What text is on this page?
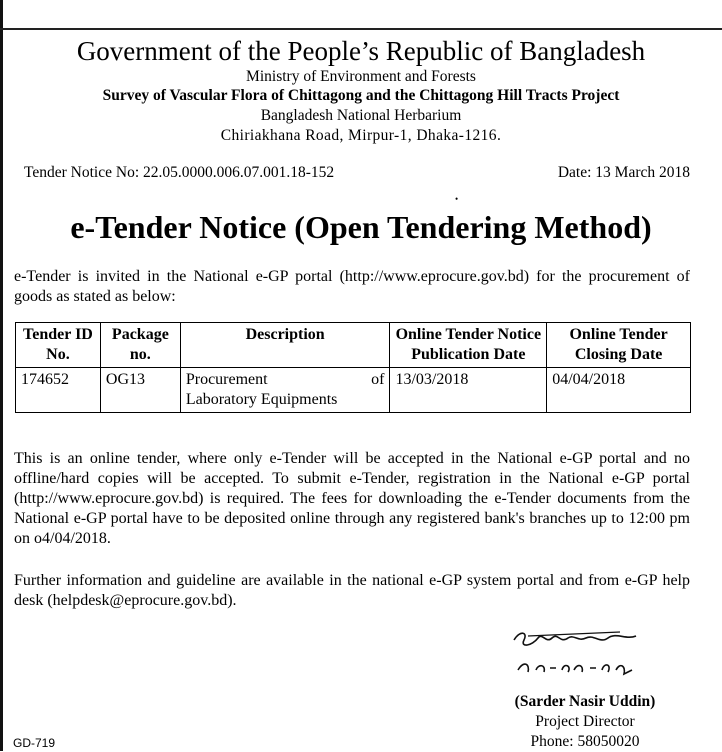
Government of the People’s Republic of Bangladesh
Ministry of Environment and Forests
Survey of Vascular Flora of Chittagong and the Chittagong Hill Tracts Project
Bangladesh National Herbarium
Chiriakhana Road, Mirpur-1, Dhaka-1216.
Tender Notice No: 22.05.0000.006.07.001.18-152	Date: 13 March 2018
•
e-Tender Notice (Open Tendering Method)
e-Tender is invited in the National e-GP portal (http://www.eprocure.gov.bd) for the procurement of goods as stated as below:
Tender ID No.	Package no.	Description	Online Tender Notice Publication Date	Online Tender Closing Date
174652	OG13	Procurement of
Laboratory Equipments	13/03/2018	04/04/2018
This is an online tender, where only e-Tender will be accepted in the National e-GP portal and no offline/hard copies will be accepted. To submit e-Tender, registration in the National e-GP portal (http://www.eprocure.gov.bd) is required. The fees for downloading the e-Tender documents from the National e-GP portal have to be deposited online through any registered bank's branches up to 12:00 pm on o4/04/2018.
Further information and guideline are available in the national e-GP system portal and from e-GP help desk (helpdesk@eprocure.gov.bd).
(Sarder Nasir Uddin)
Project Director
Phone: 58050020
GD-719
